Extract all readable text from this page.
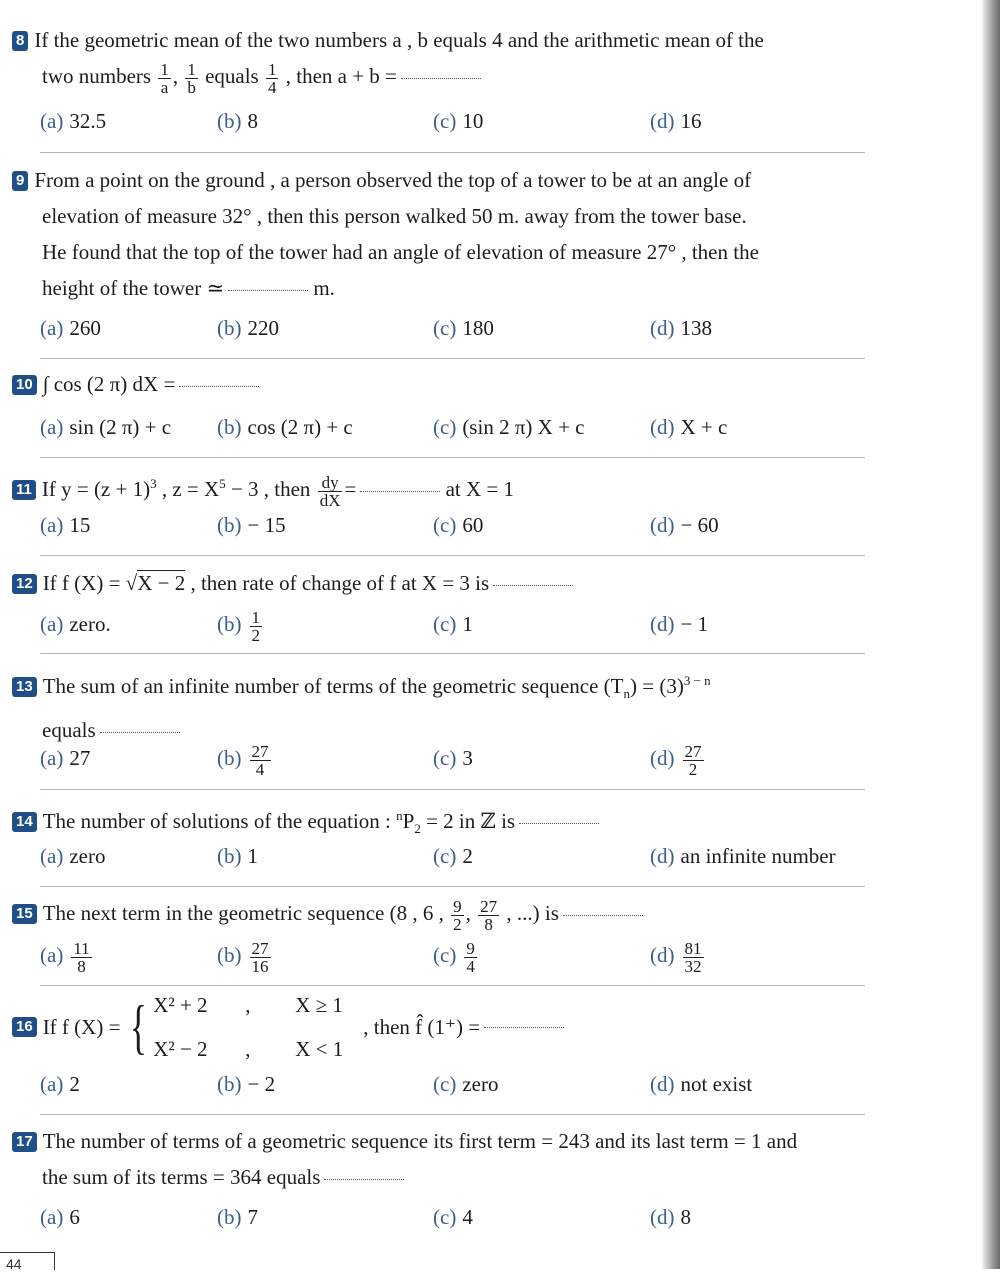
8 If the geometric mean of the two numbers a , b equals 4 and the arithmetic mean of the
two numbers $\frac{1}{a}$ , $\frac{1}{b}$ equals $\frac{1}{4}$ , then a + b =
(a) 32.5	(b) 8	(c) 10	(d) 16
9 From a point on the ground , a person observed the top of a tower to be at an angle of
elevation of measure 32° , then this person walked 50 m. away from the tower base.
He found that the top of the tower had an angle of elevation of measure 27° , then the
height of the tower ≃	m.
(a) 260	(b) 220	(c) 180	(d) 138
10 ∫ cos (2 π) dX =
(a) sin (2 π) + c (b) cos (2 π) + c	(c) (sin 2 π) X + c	(d) X + c
11 If $y = (z + 1)^3$ , $z = X^5 - 3$ , then $\frac{dy}{dX}$ =	at X = 1
(a) 15	(b) − 15	(c) 60	(d) − 60
12 If f (X) = √X − 2 , then rate of change of f at X = 3 is
(a) zero.	$(b) \frac{1}{2}$	(c) 1	(d) − 1
13 The sum of an infinite number of terms of the geometric sequence $(T_n) = (3)^{3 - n}$
equals
(a) 27	$(b) \frac{27}{4}$	(c) 3	$(d) \frac{27}{2}$
14 The number of solutions of the equation : $^nP_2 = 2$ in ℤ is
(a) zero	(b) 1	(c) 2	(d) an infinite number
15 The next term in the geometric sequence (8 , 6 , $\frac{9}{2}$ , $\frac{27}{8}$ , ...) is
$(a) \frac{11}{8}$	$(b) \frac{27}{16}$	$(c) \frac{9}{4}$	$(d) \frac{81}{32}$
16 If f (X) = { X² + 2 , X ≥ 1
X² − 2 , X < 1
, then f̂ (1⁺) =
(a) 2	(b) − 2	(c) zero	(d) not exist
17 The number of terms of a geometric sequence its first term = 243 and its last term = 1 and
the sum of its terms = 364 equals
(a) 6	(b) 7	(c) 4	(d) 8
44
